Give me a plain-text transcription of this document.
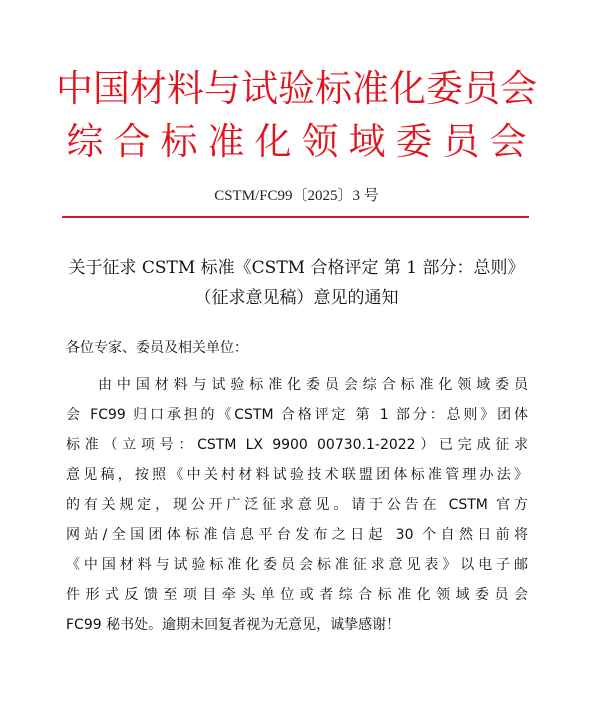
中国材料与试验标准化委员会
综合标准化领域委员会
CSTM/FC99〔2025〕3 号
关于征求 CSTM 标准《CSTM 合格评定 第 1 部分：总则》
（征求意见稿）意见的通知
各位专家、委员及相关单位：
由中国材料与试验标准化委员会综合标准化领域委员
会 FC99 归口承担的《CSTM 合格评定 第 1 部分：总则》团体
标准（立项号：CSTM LX 9900 00730.1-2022）已完成征求
意见稿，按照《中关村材料试验技术联盟团体标准管理办法》
的有关规定，现公开广泛征求意见。请于公告在 CSTM 官方
网站/全国团体标准信息平台发布之日起 30 个自然日前将
《中国材料与试验标准化委员会标准征求意见表》以电子邮
件形式反馈至项目牵头单位或者综合标准化领域委员会
FC99 秘书处。逾期未回复者视为无意见，诚挚感谢！
